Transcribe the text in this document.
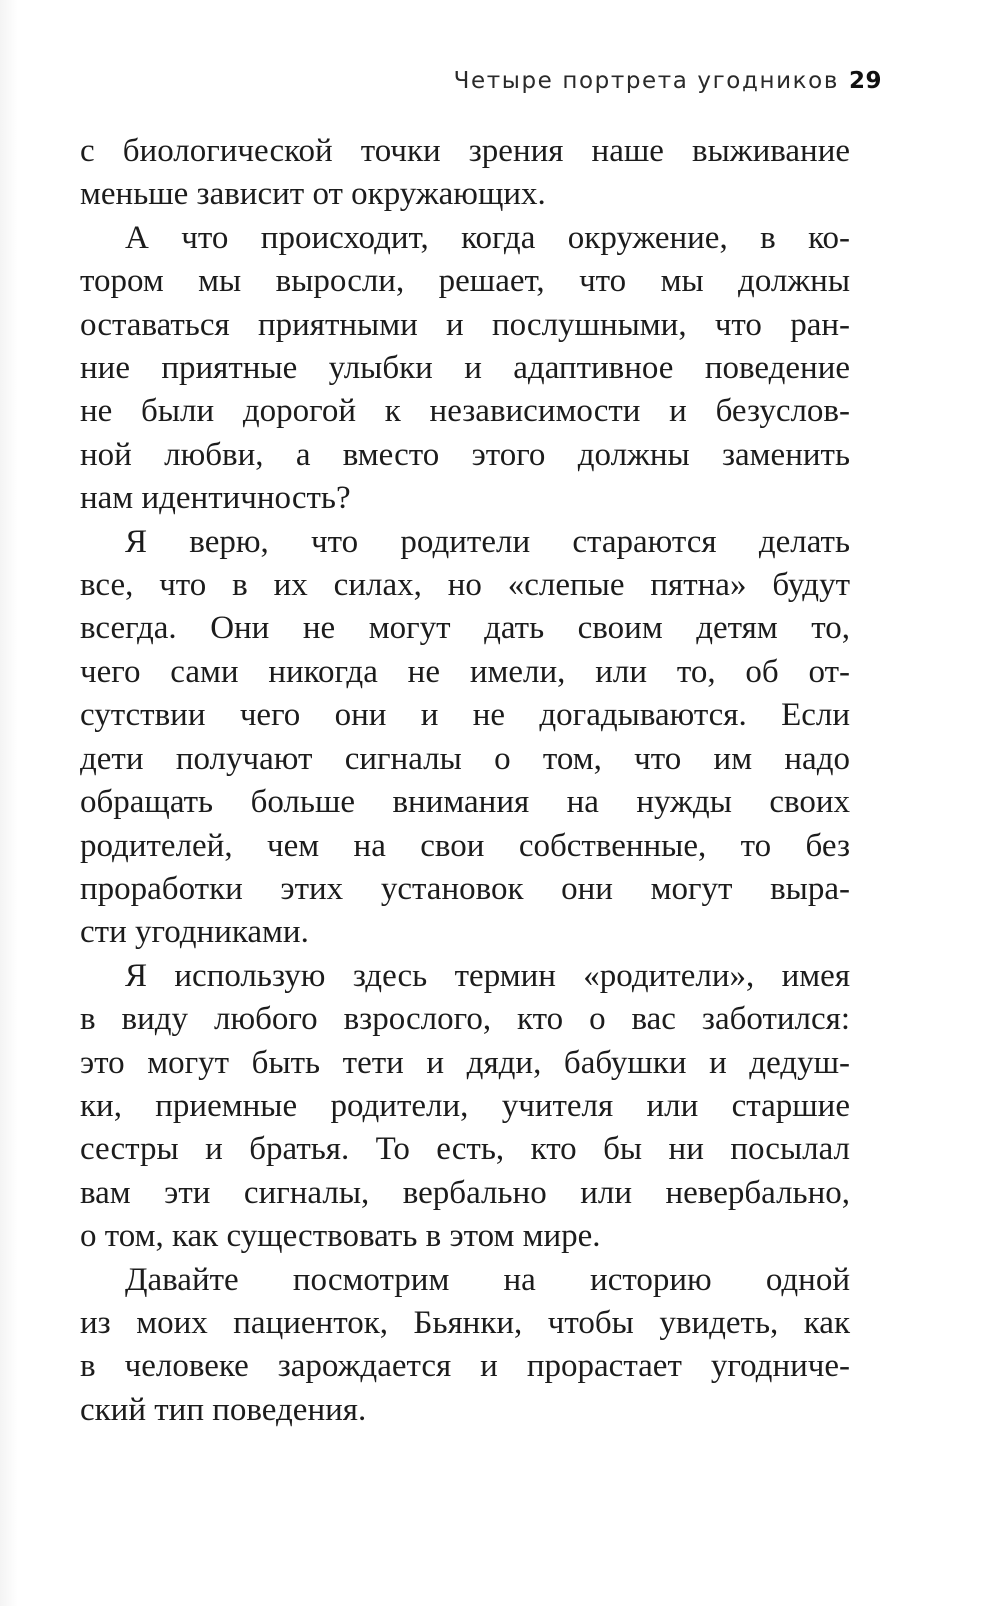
Четыре портрета угодников 29
с биологической точки зрения наше выживание
меньше зависит от окружающих.
А что происходит, когда окружение, в ко-
тором мы выросли, решает, что мы должны
оставаться приятными и послушными, что ран-
ние приятные улыбки и адаптивное поведение
не были дорогой к независимости и безуслов-
ной любви, а вместо этого должны заменить
нам идентичность?
Я верю, что родители стараются делать
все, что в их силах, но «слепые пятна» будут
всегда. Они не могут дать своим детям то,
чего сами никогда не имели, или то, об от-
сутствии чего они и не догадываются. Если
дети получают сигналы о том, что им надо
обращать больше внимания на нужды своих
родителей, чем на свои собственные, то без
проработки этих установок они могут выра-
сти угодниками.
Я использую здесь термин «родители», имея
в виду любого взрослого, кто о вас заботился:
это могут быть тети и дяди, бабушки и дедуш-
ки, приемные родители, учителя или старшие
сестры и братья. То есть, кто бы ни посылал
вам эти сигналы, вербально или невербально,
о том, как существовать в этом мире.
Давайте посмотрим на историю одной
из моих пациенток, Бьянки, чтобы увидеть, как
в человеке зарождается и прорастает угодниче-
ский тип поведения.
